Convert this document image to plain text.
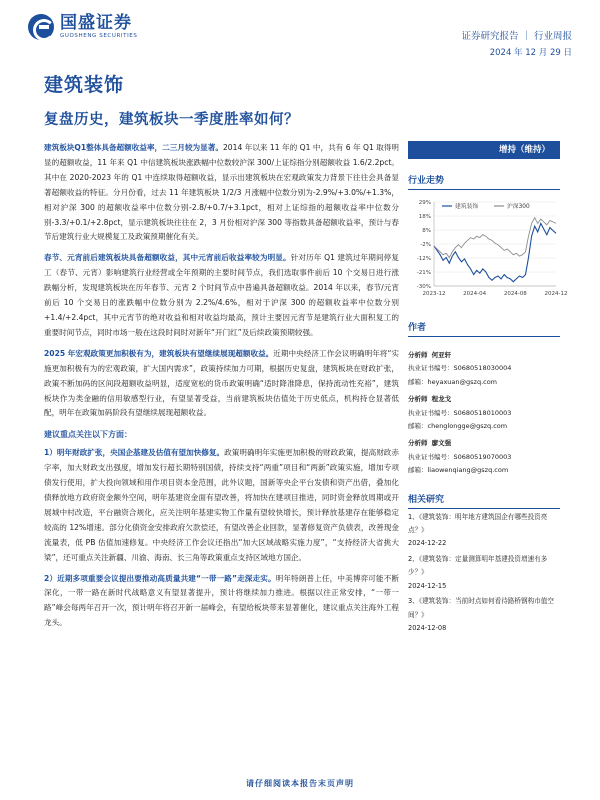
国盛证券
GUOSHENG SECURITIES	证券研究报告 ｜ 行业周报
2024 年 12 月 29 日
建筑装饰
复盘历史，建筑板块一季度胜率如何？

建筑板块Q1整体具备超额收益率，二三月较为显著。2014 年以来 11 年的 Q1 中，共有 6 年 Q1 取得明显的超额收益，11 年来 Q1 中信建筑板块涨跌幅中位数较沪深 300/上证综指分别超额收益 1.6/2.2pct。其中在 2020-2023 年的 Q1 中连续取得超额收益，显示出建筑板块在宏观政策发力背景下往往会具备显著超额收益的特征。分月份看，过去 11 年建筑板块 1/2/3 月涨幅中位数分别为-2.9%/+3.0%/+1.3%，相对沪深 300 的超额收益率中位数分别-2.8/+0.7/+3.1pct，相对上证综指的超额收益率中位数分别-3.3/+0.1/+2.8pct，显示建筑板块往往在 2，3 月份相对沪深 300 等指数具备超额收益率，预计与春节后建筑行业大规模复工及政策预期催化有关。

春节、元宵前后建筑板块具备超额收益，其中元宵前后收益率较为明显。针对历年 Q1 建筑过年期间停复工（春节、元宵）影响建筑行业经营或全年预期的主要时间节点，我们选取事件前后 10 个交易日进行涨跌幅分析，发现建筑板块在历年春节、元宵 2 个时间节点中普遍具备超额收益。2014 年以来，春节/元宵前后 10 个交易日的涨跌幅中位数分别为 2.2%/4.6%，相对于沪深 300 的超额收益率中位数分别+1.4/+2.4pct，其中元宵节的绝对收益和相对收益均最高，预计主要因元宵节是建筑行业大面积复工的重要时间节点，同时市场一般在这段时间时对新年“开门红”及后续政策预期较强。

2025 年宏观政策更加积极有为，建筑板块有望继续展现超额收益。近期中央经济工作会议明确明年将“实施更加积极有为的宏观政策，扩大国内需求”，政策持续加力可期，根据历史复盘，建筑板块在财政扩张，政策不断加码的区间段超额收益明显，适度宽松的货币政策明确“适时降准降息，保持流动性充裕”，建筑板块作为类金融的信用敏感型行业，有望显著受益，当前建筑板块估值处于历史低点，机构持仓显著低配，明年在政策加码阶段有望继续展现超额收益。

建议重点关注以下方面：

1）明年财政扩张，央国企基建及估值有望加快修复。政策明确明年实施更加积极的财政政策，提高财政赤字率，加大财政支出强度，增加发行超长期特别国债，持续支持“两重”项目和“两新”政策实施，增加专项债发行使用，扩大投向领域和用作项目资本金范围，此外议题，国新等央企平台发债和资产出借，叠加化债释放地方政府资金额外空间，明年基建资金面有望改善，将加快在建项目推进，同时资金释放周期或开展城中村改造，平台融资合规化，应关注明年基建实物工作量有望较快增长，预计释放基建存在能够稳定较高的 12%增速。部分化债资金安排政府欠款偿还，有望改善企业回款，显著修复资产负债表，改善现金流量表，低 PB 估值加速修复。中央经济工作会议还指出“加大区域战略实施力度”，“支持经济大省挑大梁”，还可重点关注新疆、川渝、海南、长三角等政策重点支持区域地方国企。

2）近期多项重要会议提出要推动高质量共建“一带一路”走深走实。明年特朗普上任，中美博弈可能不断深化，一带一路在新时代战略意义有望显著提升，预计将继续加力推进。根据以往正常安排，“一带一路”峰会每两年召开一次，预计明年将召开新一届峰会，有望给板块带来显著催化，建议重点关注海外工程龙头。

增持（维持）
行业走势
29%
18%
8%
-2%
-12%
-21%
-30%
2023-12	2024-04	2024-08	2024-12
建筑装饰	沪深300
作者
分析师 何亚轩
执业证书编号：S0680518030004
邮箱：heyaxuan@gszq.com
分析师 程龙戈
执业证书编号：S0680518010003
邮箱：chenglongge@gszq.com
分析师 廖文强
执业证书编号：S0680519070003
邮箱：liaowenqiang@gszq.com
相关研究
1、《建筑装饰：明年地方建筑国企有哪些投资亮点？》
2024-12-22
2、《建筑装饰：定量测算明年基建投资增速有多少？》
2024-12-15
3、《建筑装饰：当前时点如何看待路桥钢构市值空间？》
2024-12-08
请仔细阅读本报告末页声明
